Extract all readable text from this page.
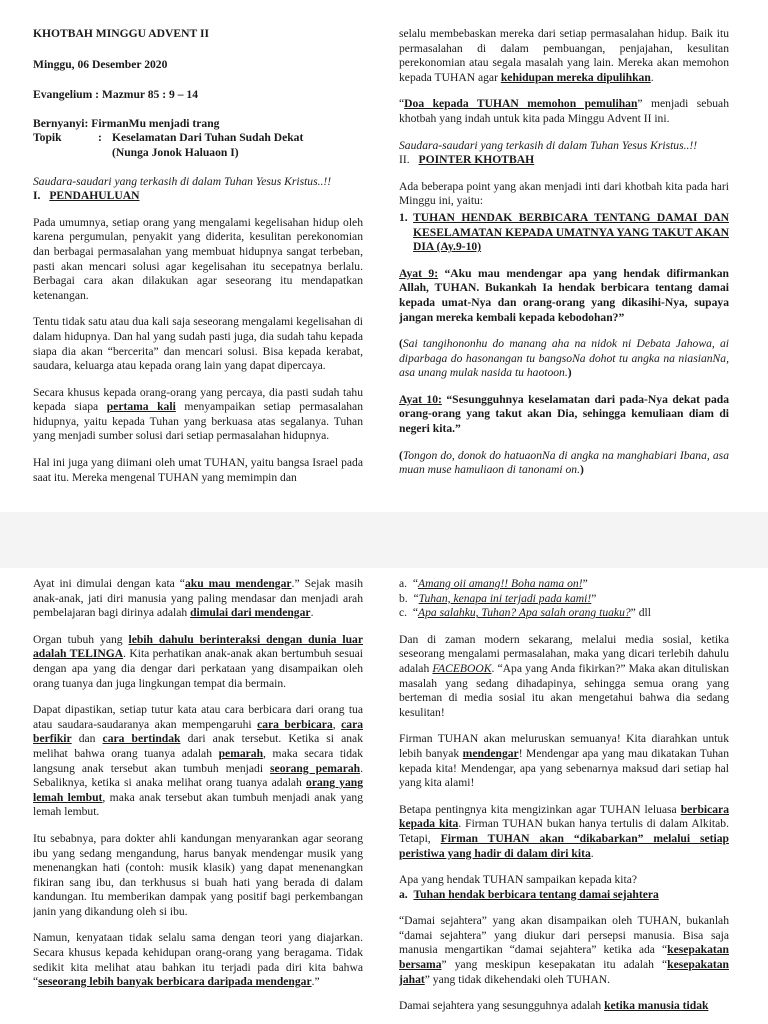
KHOTBAH MINGGU ADVENT II

Minggu, 06 Desember 2020

Evangelium : Mazmur 85 : 9 – 14

Bernyanyi: FirmanMu menjadi trang
Topik	: Keselamatan Dari Tuhan Sudah Dekat
(Nunga Jonok Haluaon I)
Saudara-saudari yang terkasih di dalam Tuhan Yesus Kristus..!!
I. PENDAHULUAN

Pada umumnya, setiap orang yang mengalami kegelisahan hidup oleh karena pergumulan, penyakit yang diderita, kesulitan perekonomian dan berbagai permasalahan yang membuat hidupnya sangat terbeban, pasti akan mencari solusi agar kegelisahan itu secepatnya berlalu. Berbagai cara akan dilakukan agar seseorang itu mendapatkan ketenangan.

Tentu tidak satu atau dua kali saja seseorang mengalami kegelisahan di dalam hidupnya. Dan hal yang sudah pasti juga, dia sudah tahu kepada siapa dia akan “bercerita” dan mencari solusi. Bisa kepada kerabat, saudara, keluarga atau kepada orang lain yang dapat dipercaya.

Secara khusus kepada orang-orang yang percaya, dia pasti sudah tahu kepada siapa pertama kali menyampaikan setiap permasalahan hidupnya, yaitu kepada Tuhan yang berkuasa atas segalanya. Tuhan yang menjadi sumber solusi dari setiap permasalahan hidupnya.

Hal ini juga yang diimani oleh umat TUHAN, yaitu bangsa Israel pada saat itu. Mereka mengenal TUHAN yang memimpin dan

selalu membebaskan mereka dari setiap permasalahan hidup. Baik itu permasalahan di dalam pembuangan, penjajahan, kesulitan perekonomian atau segala masalah yang lain. Mereka akan memohon kepada TUHAN agar kehidupan mereka dipulihkan.

“Doa kepada TUHAN memohon pemulihan” menjadi sebuah khotbah yang indah untuk kita pada Minggu Advent II ini.

Saudara-saudari yang terkasih di dalam Tuhan Yesus Kristus..!!
II. POINTER KHOTBAH

Ada beberapa point yang akan menjadi inti dari khotbah kita pada hari Minggu ini, yaitu:

1. TUHAN HENDAK BERBICARA TENTANG DAMAI DAN KESELAMATAN KEPADA UMATNYA YANG TAKUT AKAN DIA (Ay.9-10)

Ayat 9: “Aku mau mendengar apa yang hendak difirmankan Allah, TUHAN. Bukankah Ia hendak berbicara tentang damai kepada umat-Nya dan orang-orang yang dikasihi-Nya, supaya jangan mereka kembali kepada kebodohan?”

(Sai tangihononhu do manang aha na nidok ni Debata Jahowa, ai diparbaga do hasonangan tu bangsoNa dohot tu angka na niasianNa, asa unang mulak nasida tu haotoon.)

Ayat 10: “Sesungguhnya keselamatan dari pada-Nya dekat pada orang-orang yang takut akan Dia, sehingga kemuliaan diam di negeri kita.”

(Tongon do, donok do hatuaonNa di angka na manghabiari Ibana, asa muan muse hamuliaon di tanonami on.)

Ayat ini dimulai dengan kata “aku mau mendengar.” Sejak masih anak-anak, jati diri manusia yang paling mendasar dan menjadi arah pembelajaran bagi dirinya adalah dimulai dari mendengar.

Organ tubuh yang lebih dahulu berinteraksi dengan dunia luar adalah TELINGA. Kita perhatikan anak-anak akan bertumbuh sesuai dengan apa yang dia dengar dari perkataan yang disampaikan oleh orang tuanya dan juga lingkungan tempat dia bermain.

Dapat dipastikan, setiap tutur kata atau cara berbicara dari orang tua atau saudara-saudaranya akan mempengaruhi cara berbicara, cara berfikir dan cara bertindak dari anak tersebut. Ketika si anak melihat bahwa orang tuanya adalah pemarah, maka secara tidak langsung anak tersebut akan tumbuh menjadi seorang pemarah. Sebaliknya, ketika si anaka melihat orang tuanya adalah orang yang lemah lembut, maka anak tersebut akan tumbuh menjadi anak yang lemah lembut.

Itu sebabnya, para dokter ahli kandungan menyarankan agar seorang ibu yang sedang mengandung, harus banyak mendengar musik yang menenangkan hati (contoh: musik klasik) yang dapat menenangkan fikiran sang ibu, dan terkhusus si buah hati yang berada di dalam kandungan. Itu memberikan dampak yang positif bagi perkembangan janin yang dikandung oleh si ibu.

Namun, kenyataan tidak selalu sama dengan teori yang diajarkan. Secara khusus kepada kehidupan orang-orang yang beragama. Tidak sedikit kita melihat atau bahkan itu terjadi pada diri kita bahwa “seseorang lebih banyak berbicara daripada mendengar.”

a. “Amang oii amang!! Boha nama on!”
b. “Tuhan, kenapa ini terjadi pada kami!”
c. “Apa salahku, Tuhan? Apa salah orang tuaku?” dll

Dan di zaman modern sekarang, melalui media sosial, ketika seseorang mengalami permasalahan, maka yang dicari terlebih dahulu adalah FACEBOOK. “Apa yang Anda fikirkan?” Maka akan dituliskan masalah yang sedang dihadapinya, sehingga semua orang yang berteman di media sosial itu akan mengetahui bahwa dia sedang kesulitan!

Firman TUHAN akan meluruskan semuanya! Kita diarahkan untuk lebih banyak mendengar! Mendengar apa yang mau dikatakan Tuhan kepada kita! Mendengar, apa yang sebenarnya maksud dari setiap hal yang kita alami!

Betapa pentingnya kita mengizinkan agar TUHAN leluasa berbicara kepada kita. Firman TUHAN bukan hanya tertulis di dalam Alkitab. Tetapi, Firman TUHAN akan “dikabarkan” melalui setiap peristiwa yang hadir di dalam diri kita.

Apa yang hendak TUHAN sampaikan kepada kita?
a. Tuhan hendak berbicara tentang damai sejahtera

“Damai sejahtera” yang akan disampaikan oleh TUHAN, bukanlah “damai sejahtera” yang diukur dari persepsi manusia. Bisa saja manusia mengartikan “damai sejahtera” ketika ada “kesepakatan bersama” yang meskipun kesepakatan itu adalah “kesepakatan jahat” yang tidak dikehendaki oleh TUHAN.

Damai sejahtera yang sesungguhnya adalah ketika manusia tidak
